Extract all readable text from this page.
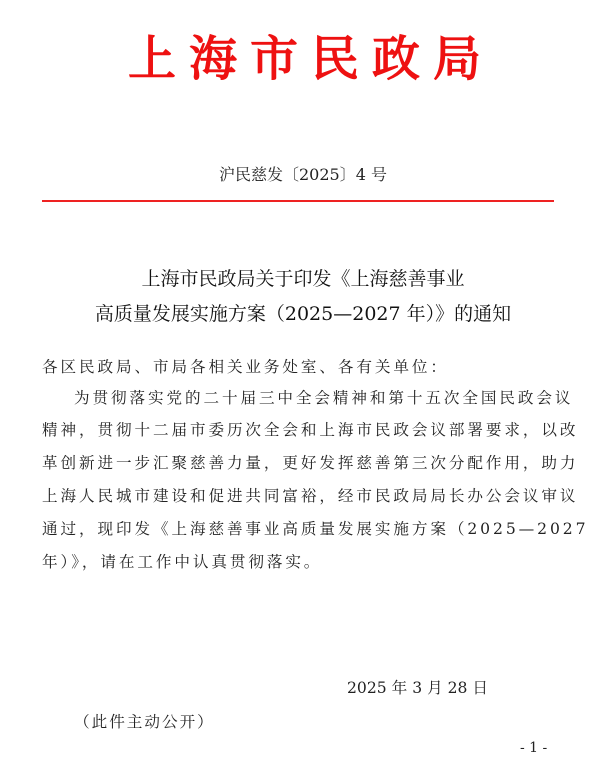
上海市民政局
沪民慈发〔2025〕4 号
上海市民政局关于印发《上海慈善事业
高质量发展实施方案（2025—2027 年）》的通知
各区民政局、市局各相关业务处室、各有关单位：
为贯彻落实党的二十届三中全会精神和第十五次全国民政会议
精神，贯彻十二届市委历次全会和上海市民政会议部署要求，以改
革创新进一步汇聚慈善力量，更好发挥慈善第三次分配作用，助力
上海人民城市建设和促进共同富裕，经市民政局局长办公会议审议
通过，现印发《上海慈善事业高质量发展实施方案（2025—2027
年）》，请在工作中认真贯彻落实。
2025 年 3 月 28 日
（此件主动公开）
- 1 -
